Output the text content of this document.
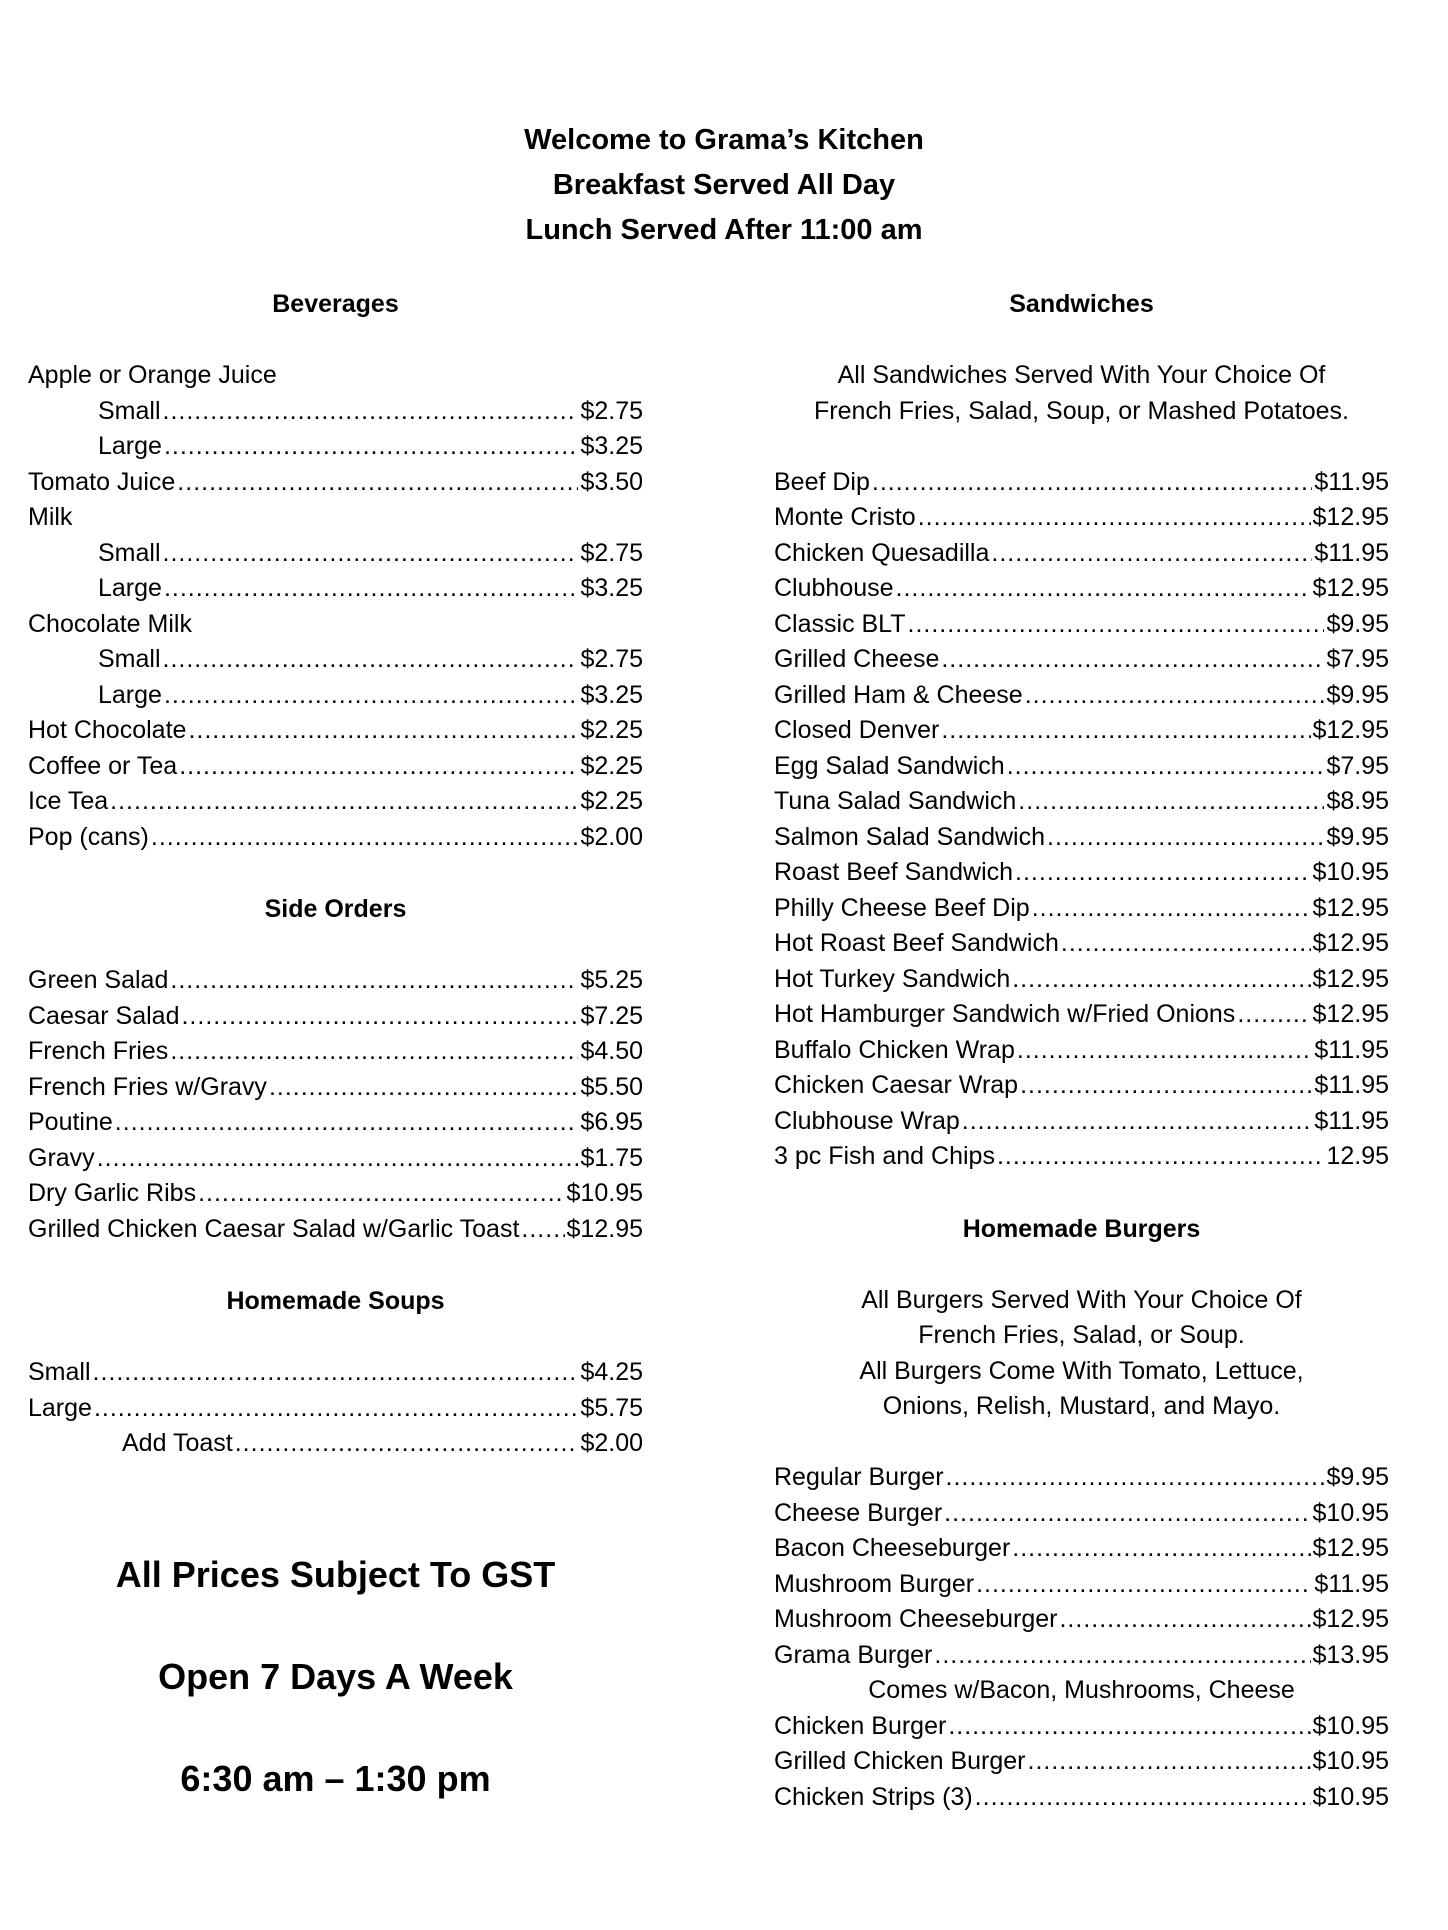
Welcome to Grama’s Kitchen
Breakfast Served All Day
Lunch Served After 11:00 am
Beverages
Apple or Orange Juice
Small .....	$2.75
Large .....	$3.25
Tomato Juice .....	$3.50
Milk
Small .....	$2.75
Large .....	$3.25
Chocolate Milk
Small .....	$2.75
Large .....	$3.25
Hot Chocolate .....	$2.25
Coffee or Tea .....	$2.25
Ice Tea .....	$2.25
Pop (cans) .....	$2.00
Side Orders
Green Salad .....	$5.25
Caesar Salad .....	$7.25
French Fries .....	$4.50
French Fries w/Gravy .....	$5.50
Poutine .....	$6.95
Gravy .....	$1.75
Dry Garlic Ribs .....	$10.95
Grilled Chicken Caesar Salad w/Garlic Toast ..... $12.95
Homemade Soups
Small .....	$4.25
Large .....	$5.75
Add Toast .....	$2.00
All Prices Subject To GST
Open 7 Days A Week
6:30 am – 1:30 pm
Sandwiches
All Sandwiches Served With Your Choice Of
French Fries, Salad, Soup, or Mashed Potatoes.
Beef Dip .....	$11.95
Monte Cristo .....	$12.95
Chicken Quesadilla .....	$11.95
Clubhouse .....	$12.95
Classic BLT .....	$9.95
Grilled Cheese .....	$7.95
Grilled Ham & Cheese .....	$9.95
Closed Denver .....	$12.95
Egg Salad Sandwich .....	$7.95
Tuna Salad Sandwich .....	$8.95
Salmon Salad Sandwich .....	$9.95
Roast Beef Sandwich .....	$10.95
Philly Cheese Beef Dip .....	$12.95
Hot Roast Beef Sandwich .....	$12.95
Hot Turkey Sandwich .....	$12.95
Hot Hamburger Sandwich w/Fried Onions .....	$12.95
Buffalo Chicken Wrap .....	$11.95
Chicken Caesar Wrap .....	$11.95
Clubhouse Wrap .....	$11.95
3 pc Fish and Chips .....	12.95
Homemade Burgers
All Burgers Served With Your Choice Of
French Fries, Salad, or Soup.
All Burgers Come With Tomato, Lettuce,
Onions, Relish, Mustard, and Mayo.
Regular Burger .....	$9.95
Cheese Burger .....	$10.95
Bacon Cheeseburger .....	$12.95
Mushroom Burger .....	$11.95
Mushroom Cheeseburger .....	$12.95
Grama Burger .....	$13.95
Comes w/Bacon, Mushrooms, Cheese
Chicken Burger .....	$10.95
Grilled Chicken Burger .....	$10.95
Chicken Strips (3) .....	$10.95
